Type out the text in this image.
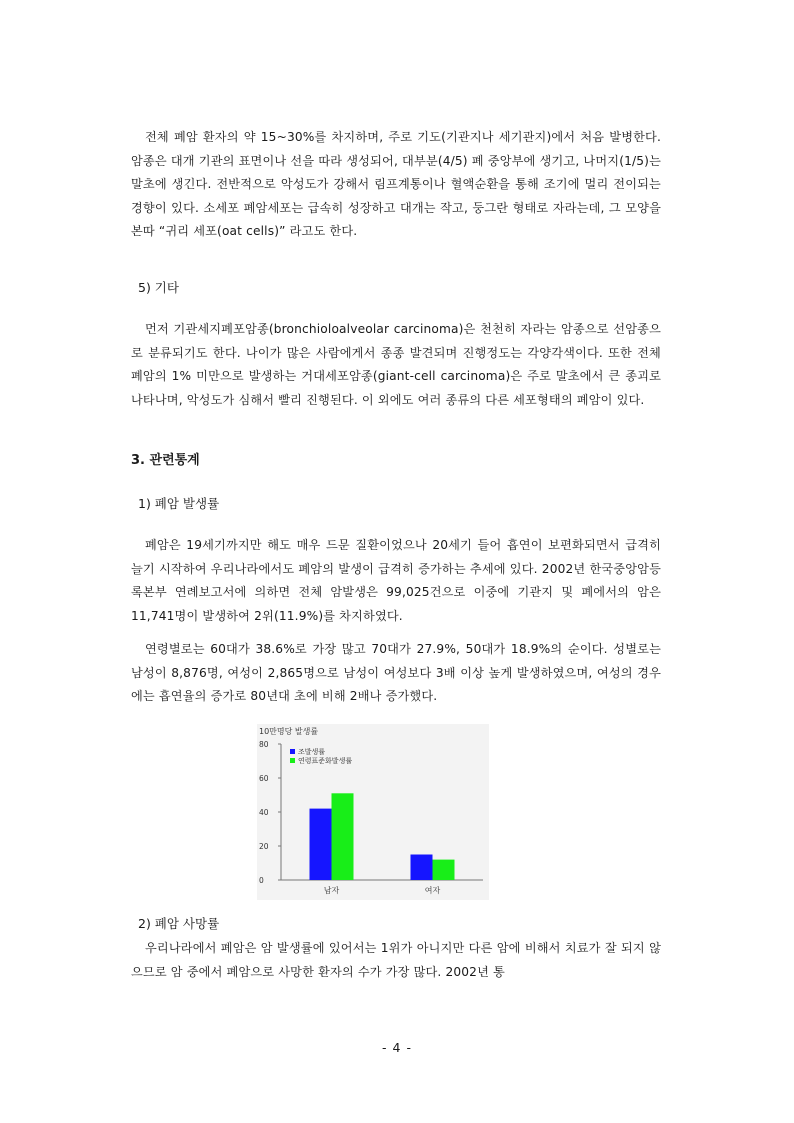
전체 폐암 환자의 약 15~30%를 차지하며, 주로 기도(기관지나 세기관지)에서 처음 발병한다. 암종은 대개 기관의 표면이나 선을 따라 생성되어, 대부분(4/5) 폐 중앙부에 생기고, 나머지(1/5)는 말초에 생긴다. 전반적으로 악성도가 강해서 림프계통이나 혈액순환을 통해 조기에 멀리 전이되는 경향이 있다. 소세포 폐암세포는 급속히 성장하고 대개는 작고, 둥그란 형태로 자라는데, 그 모양을 본따 “귀리 세포(oat cells)” 라고도 한다.

5) 기타

먼저 기관세지폐포암종(bronchioloalveolar carcinoma)은 천천히 자라는 암종으로 선암종으로 분류되기도 한다. 나이가 많은 사람에게서 종종 발견되며 진행정도는 각양각색이다. 또한 전체 폐암의 1% 미만으로 발생하는 거대세포암종(giant-cell carcinoma)은 주로 말초에서 큰 종괴로 나타나며, 악성도가 심해서 빨리 진행된다. 이 외에도 여러 종류의 다른 세포형태의 폐암이 있다.

3. 관련통계

1) 폐암 발생률

폐암은 19세기까지만 해도 매우 드문 질환이었으나 20세기 들어 흡연이 보편화되면서 급격히 늘기 시작하여 우리나라에서도 폐암의 발생이 급격히 증가하는 추세에 있다. 2002년 한국중앙암등록본부 연례보고서에 의하면 전체 암발생은 99,025건으로 이중에 기관지 및 폐에서의 암은 11,741명이 발생하여 2위(11.9%)를 차지하였다.

연령별로는 60대가 38.6%로 가장 많고 70대가 27.9%, 50대가 18.9%의 순이다. 성별로는 남성이 8,876명, 여성이 2,865명으로 남성이 여성보다 3배 이상 높게 발생하였으며, 여성의 경우에는 흡연율의 증가로 80년대 초에 비해 2배나 증가했다.

10만명당 발생률
0
20
40
60
80
남자	여자
조발생률
연령표준화발생률

2) 폐암 사망률

우리나라에서 폐암은 암 발생률에 있어서는 1위가 아니지만 다른 암에 비해서 치료가 잘 되지 않으므로 암 중에서 폐암으로 사망한 환자의 수가 가장 많다. 2002년 통

- 4 -
